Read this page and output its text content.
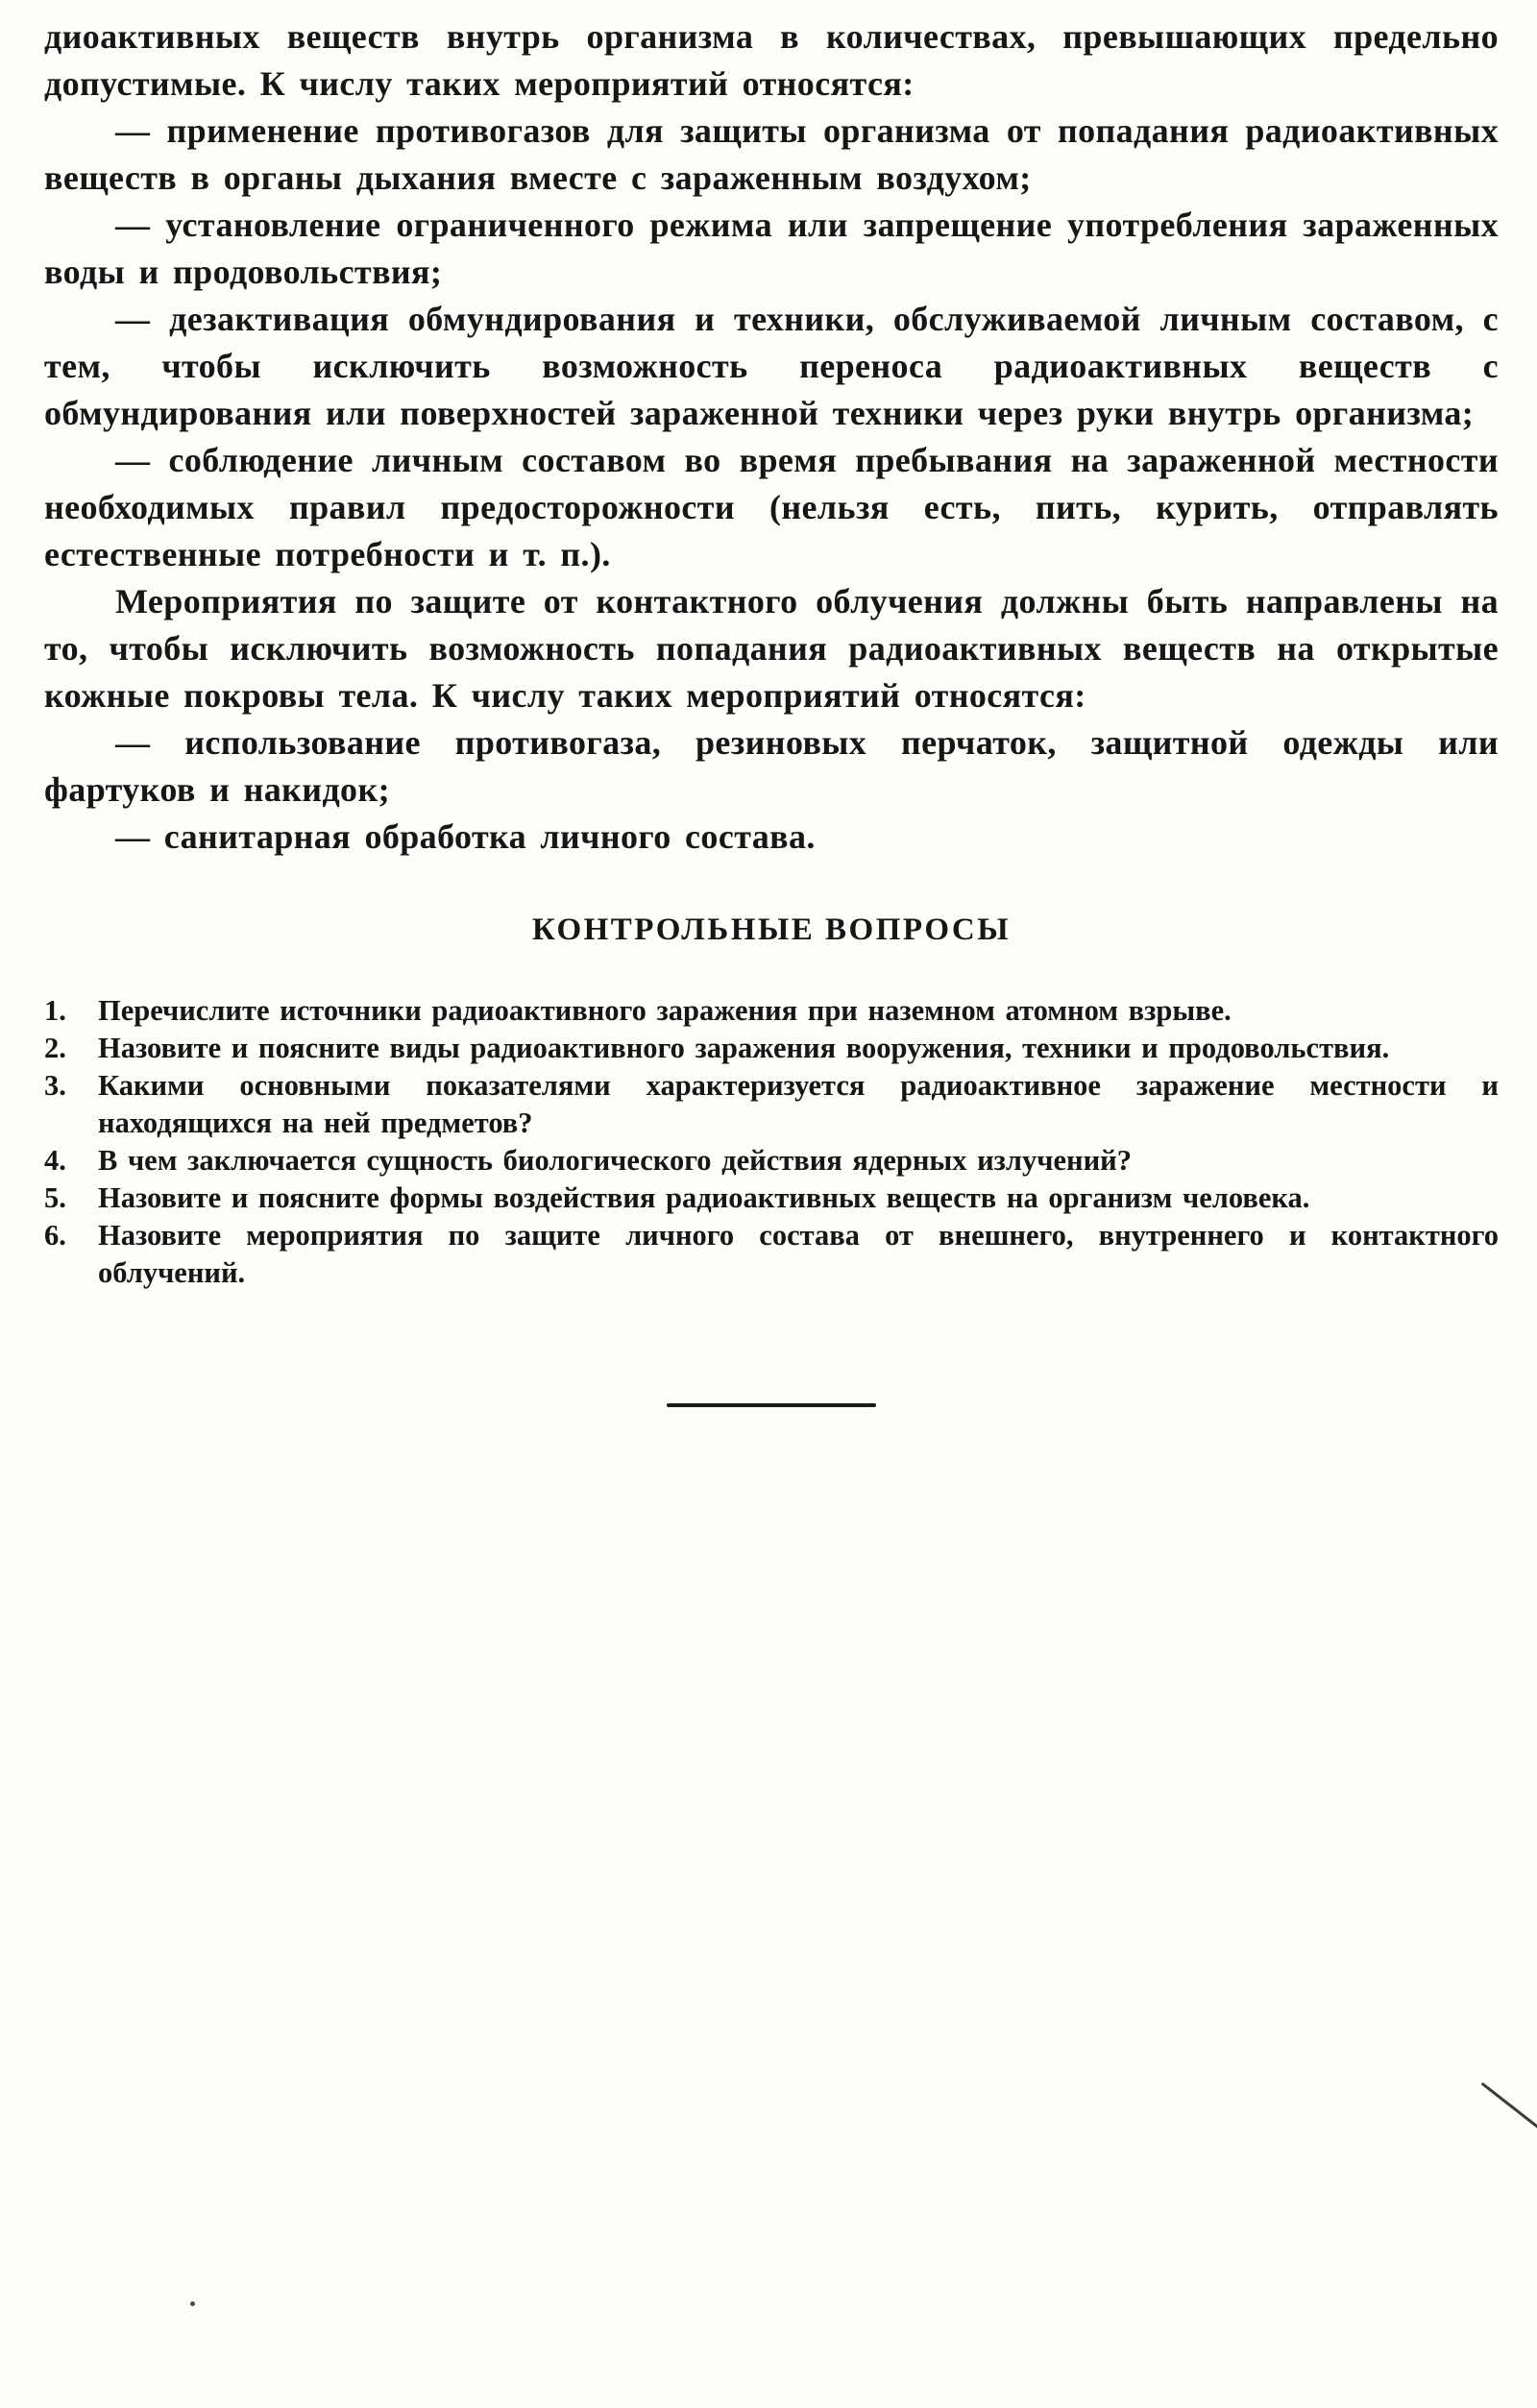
диоактивных веществ внутрь организма в количествах, превышающих предельно допустимые. К числу таких мероприятий относятся:

— применение противогазов для защиты организма от попадания радиоактивных веществ в органы дыхания вместе с зараженным воздухом;

— установление ограниченного режима или запрещение употребления зараженных воды и продовольствия;

— дезактивация обмундирования и техники, обслуживаемой личным составом, с тем, чтобы исключить возможность переноса радиоактивных веществ с обмундирования или поверхностей зараженной техники через руки внутрь организма;

— соблюдение личным составом во время пребывания на зараженной местности необходимых правил предосторожности (нельзя есть, пить, курить, отправлять естественные потребности и т. п.).

Мероприятия по защите от контактного облучения должны быть направлены на то, чтобы исключить возможность попадания радиоактивных веществ на открытые кожные покровы тела. К числу таких мероприятий относятся:

— использование противогаза, резиновых перчаток, защитной одежды или фартуков и накидок;

— санитарная обработка личного состава.

КОНТРОЛЬНЫЕ ВОПРОСЫ
1.	Перечислите источники радиоактивного заражения при наземном атомном взрыве.
2.	Назовите и поясните виды радиоактивного заражения вооружения, техники и продовольствия.
3.	Какими основными показателями характеризуется радиоактивное заражение местности и находящихся на ней предметов?
4.	В чем заключается сущность биологического действия ядерных излучений?
5.	Назовите и поясните формы воздействия радиоактивных веществ на организм человека.
6.	Назовите мероприятия по защите личного состава от внешнего, внутреннего и контактного облучений.
